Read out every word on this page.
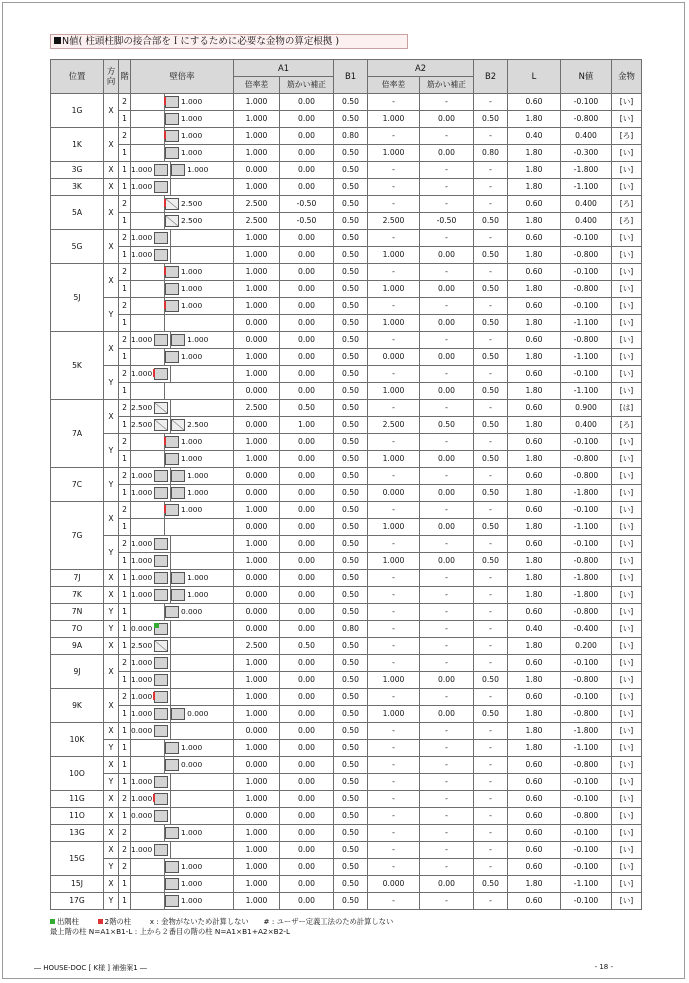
N値( 柱頭柱脚の接合部をＩにするために必要な金物の算定根拠 )
位置	方向	階	壁倍率	A1		B1	A2		B2	L	N値	金物
				倍率差	筋かい補正		倍率差	筋かい補正				
1G	X	2	1.000	1.000	0.00	0.50	-	-	-	0.60	-0.100	[い]
		1	1.000	1.000	0.00	0.50	1.000	0.00	0.50	1.80	-0.800	[い]
1K	X	2	1.000	1.000	0.00	0.80	-	-	-	0.40	0.400	[ろ]
		1	1.000	1.000	0.00	0.50	1.000	0.00	0.80	1.80	-0.300	[い]
3G	X	1	1.000 1.000	0.000	0.00	0.50	-	-	-	1.80	-1.800	[い]
3K	X	1	1.000	1.000	0.00	0.50	-	-	-	1.80	-1.100	[い]
5A	X	2	2.500	2.500	-0.50	0.50	-	-	-	0.60	0.400	[ろ]
		1	2.500	2.500	-0.50	0.50	2.500	-0.50	0.50	1.80	0.400	[ろ]
5G	X	2	1.000	1.000	0.00	0.50	-	-	-	0.60	-0.100	[い]
		1	1.000	1.000	0.00	0.50	1.000	0.00	0.50	1.80	-0.800	[い]
5J	X	2	1.000	1.000	0.00	0.50	-	-	-	0.60	-0.100	[い]
		1	1.000	1.000	0.00	0.50	1.000	0.00	0.50	1.80	-0.800	[い]
	Y	2	1.000	1.000	0.00	0.50	-	-	-	0.60	-0.100	[い]
		1		0.000	0.00	0.50	1.000	0.00	0.50	1.80	-1.100	[い]
5K	X	2	1.000 1.000	0.000	0.00	0.50	-	-	-	0.60	-0.800	[い]
		1	1.000	1.000	0.00	0.50	0.000	0.00	0.50	1.80	-1.100	[い]
	Y	2	1.000	1.000	0.00	0.50	-	-	-	0.60	-0.100	[い]
		1		0.000	0.00	0.50	1.000	0.00	0.50	1.80	-1.100	[い]
7A	X	2	2.500	2.500	0.50	0.50	-	-	-	0.60	0.900	[は]
		1	2.500 2.500	0.000	1.00	0.50	2.500	0.50	0.50	1.80	0.400	[ろ]
	Y	2	1.000	1.000	0.00	0.50	-	-	-	0.60	-0.100	[い]
		1	1.000	1.000	0.00	0.50	1.000	0.00	0.50	1.80	-0.800	[い]
7C	Y	2	1.000 1.000	0.000	0.00	0.50	-	-	-	0.60	-0.800	[い]
		1	1.000 1.000	0.000	0.00	0.50	0.000	0.00	0.50	1.80	-1.800	[い]
7G	X	2	1.000	1.000	0.00	0.50	-	-	-	0.60	-0.100	[い]
		1		0.000	0.00	0.50	1.000	0.00	0.50	1.80	-1.100	[い]
	Y	2	1.000	1.000	0.00	0.50	-	-	-	0.60	-0.100	[い]
		1	1.000	1.000	0.00	0.50	1.000	0.00	0.50	1.80	-0.800	[い]
7J	X	1	1.000 1.000	0.000	0.00	0.50	-	-	-	1.80	-1.800	[い]
7K	X	1	1.000 1.000	0.000	0.00	0.50	-	-	-	1.80	-1.800	[い]
7N	Y	1	0.000	0.000	0.00	0.50	-	-	-	0.60	-0.800	[い]
7O	Y	1	0.000	0.000	0.00	0.80	-	-	-	0.40	-0.400	[い]
9A	X	1	2.500	2.500	0.50	0.50	-	-	-	1.80	0.200	[い]
9J	X	2	1.000	1.000	0.00	0.50	-	-	-	0.60	-0.100	[い]
		1	1.000	1.000	0.00	0.50	1.000	0.00	0.50	1.80	-0.800	[い]
9K	X	2	1.000	1.000	0.00	0.50	-	-	-	0.60	-0.100	[い]
		1	1.000 0.000	1.000	0.00	0.50	1.000	0.00	0.50	1.80	-0.800	[い]
10K	X	1	0.000	0.000	0.00	0.50	-	-	-	1.80	-1.800	[い]
	Y	1	1.000	1.000	0.00	0.50	-	-	-	1.80	-1.100	[い]
10O	X	1	0.000	0.000	0.00	0.50	-	-	-	0.60	-0.800	[い]
	Y	1	1.000	1.000	0.00	0.50	-	-	-	0.60	-0.100	[い]
11G	X	2	1.000	1.000	0.00	0.50	-	-	-	0.60	-0.100	[い]
11O	X	1	0.000	0.000	0.00	0.50	-	-	-	0.60	-0.800	[い]
13G	X	2	1.000	1.000	0.00	0.50	-	-	-	0.60	-0.100	[い]
15G	X	2	1.000	1.000	0.00	0.50	-	-	-	0.60	-0.100	[い]
	Y	2	1.000	1.000	0.00	0.50	-	-	-	0.60	-0.100	[い]
15J	X	1	1.000	1.000	0.00	0.50	0.000	0.00	0.50	1.80	-1.100	[い]
17G	Y	1	1.000	1.000	0.00	0.50	-	-	-	0.60	-0.100	[い]
出隅柱	2階の柱	x : 金物がないため計算しない # : ユーザー定義工法のため計算しない
最上階の柱 N=A1×B1-L : 上から２番目の階の柱 N=A1×B1+A2×B2-L
― HOUSE-DOC [ K様 ] 補強案1 ―	- 18 -
